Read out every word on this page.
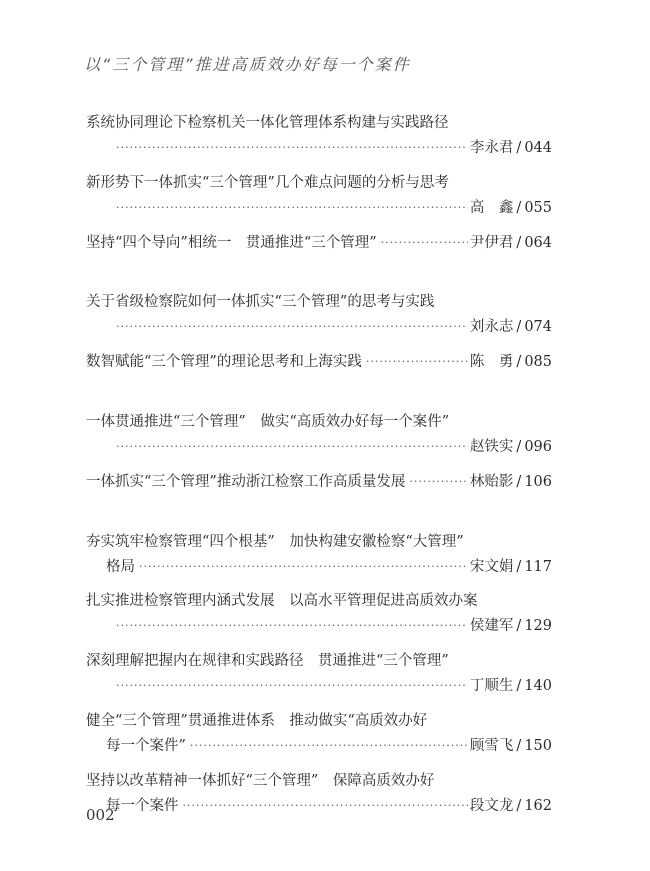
以“三个管理”推进高质效办好每一个案件
系统协同理论下检察机关一体化管理体系构建与实践路径
·····
李永君 / 044
新形势下一体抓实“三个管理”几个难点问题的分析与思考
·····
高　鑫 / 055
坚持“四个导向”相统一　贯通推进“三个管理” ·····	尹伊君 / 064
关于省级检察院如何一体抓实“三个管理”的思考与实践
·····
刘永志 / 074
数智赋能“三个管理”的理论思考和上海实践 ·····	陈　勇 / 085
一体贯通推进“三个管理”　做实“高质效办好每一个案件”
·····
赵铁实 / 096
一体抓实“三个管理”推动浙江检察工作高质量发展 ·····	林贻影 / 106
夯实筑牢检察管理“四个根基”　加快构建安徽检察“大管理”
格局 ·····	宋文娟 / 117
扎实推进检察管理内涵式发展　以高水平管理促进高质效办案
·····
侯建军 / 129
深刻理解把握内在规律和实践路径　贯通推进“三个管理”
·····
丁顺生 / 140
健全“三个管理”贯通推进体系　推动做实“高质效办好
每一个案件” ·····	顾雪飞 / 150
坚持以改革精神一体抓好“三个管理”　保障高质效办好
每一个案件 ·····	段文龙 / 162
002
